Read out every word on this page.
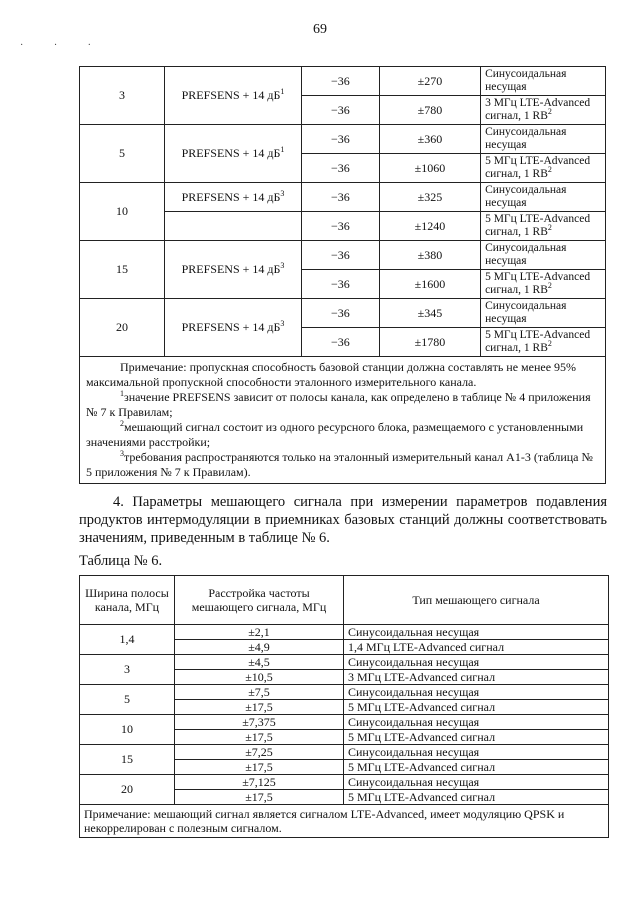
69
· · ·
3	PREFSENS + 14 $дБ^1$	−36	±270	Синусоидальная несущая
		−36	±780	3 МГц LTE-Advanced сигнал, 1 $RB^2$
5	PREFSENS + 14 $дБ^1$	−36	±360	Синусоидальная несущая
		−36	±1060	5 МГц LTE-Advanced сигнал, 1 $RB^2$
10	PREFSENS + 14 $дБ^3$	−36	±325	Синусоидальная несущая
		−36	±1240	5 МГц LTE-Advanced сигнал, 1 $RB^2$
15	PREFSENS + 14 $дБ^3$	−36	±380	Синусоидальная несущая
		−36	±1600	5 МГц LTE-Advanced сигнал, 1 $RB^2$
20	PREFSENS + 14 $дБ^3$	−36	±345	Синусоидальная несущая
		−36	±1780	5 МГц LTE-Advanced сигнал, 1 $RB^2$

Примечание: пропускная способность базовой станции должна составлять не менее 95% максимальной пропускной способности эталонного измерительного канала.

$^1$значение PREFSENS зависит от полосы канала, как определено в таблице № 4 приложения № 7 к Правилам;

$^2$мешающий сигнал состоит из одного ресурсного блока, размещаемого с установленными значениями расстройки;

$^3$требования распространяются только на эталонный измерительный канал A1-3 (таблица № 5 приложения № 7 к Правилам).				

4. Параметры мешающего сигнала при измерении параметров подавления продуктов интермодуляции в приемниках базовых станций должны соответствовать значениям, приведенным в таблице № 6.

Таблица № 6.
Ширина полосы канала, МГц	Расстройка частоты мешающего сигнала, МГц	Тип мешающего сигнала
1,4	±2,1	Синусоидальная несущая
	±4,9	1,4 МГц LTE-Advanced сигнал
3	±4,5	Синусоидальная несущая
	±10,5	3 МГц LTE-Advanced сигнал
5	±7,5	Синусоидальная несущая
	±17,5	5 МГц LTE-Advanced сигнал
10	±7,375	Синусоидальная несущая
	±17,5	5 МГц LTE-Advanced сигнал
15	±7,25	Синусоидальная несущая
	±17,5	5 МГц LTE-Advanced сигнал
20	±7,125	Синусоидальная несущая
	±17,5	5 МГц LTE-Advanced сигнал
Примечание: мешающий сигнал является сигналом LTE-Advanced, имеет модуляцию QPSK и некоррелирован с полезным сигналом.		
